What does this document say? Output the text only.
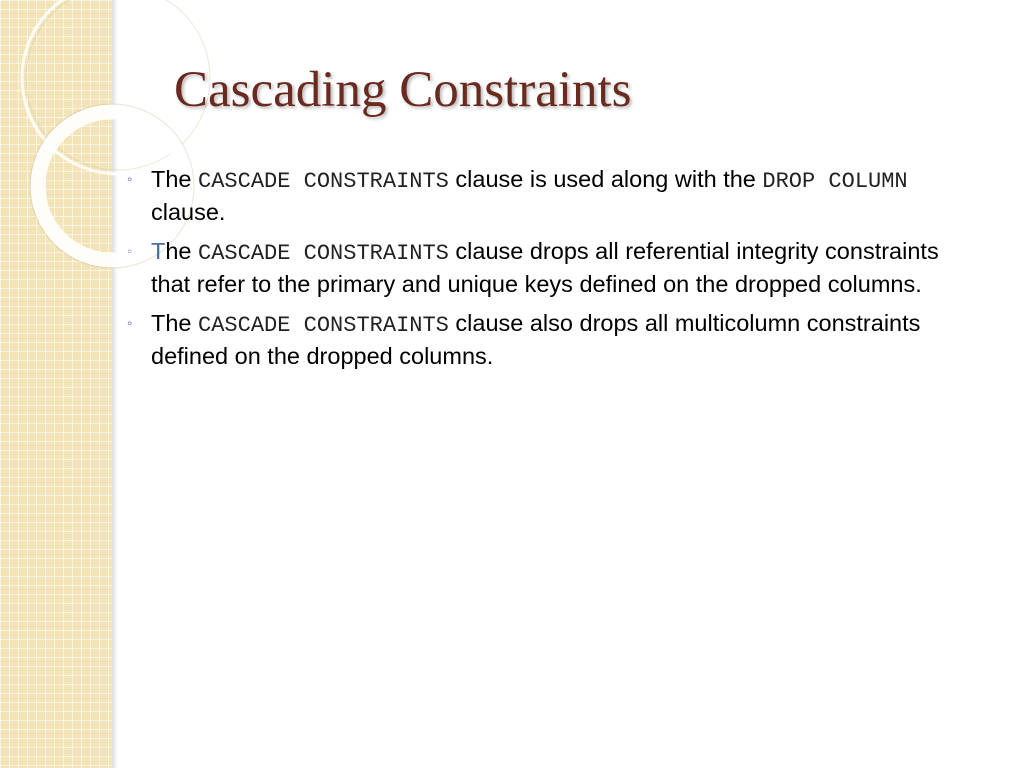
Cascading Constraints
◦ The CASCADE CONSTRAINTS clause is used along with the DROP COLUMN clause.
◦ The CASCADE CONSTRAINTS clause drops all referential integrity constraints that refer to the primary and unique keys defined on the dropped columns.
◦ The CASCADE CONSTRAINTS clause also drops all multicolumn constraints defined on the dropped columns.
